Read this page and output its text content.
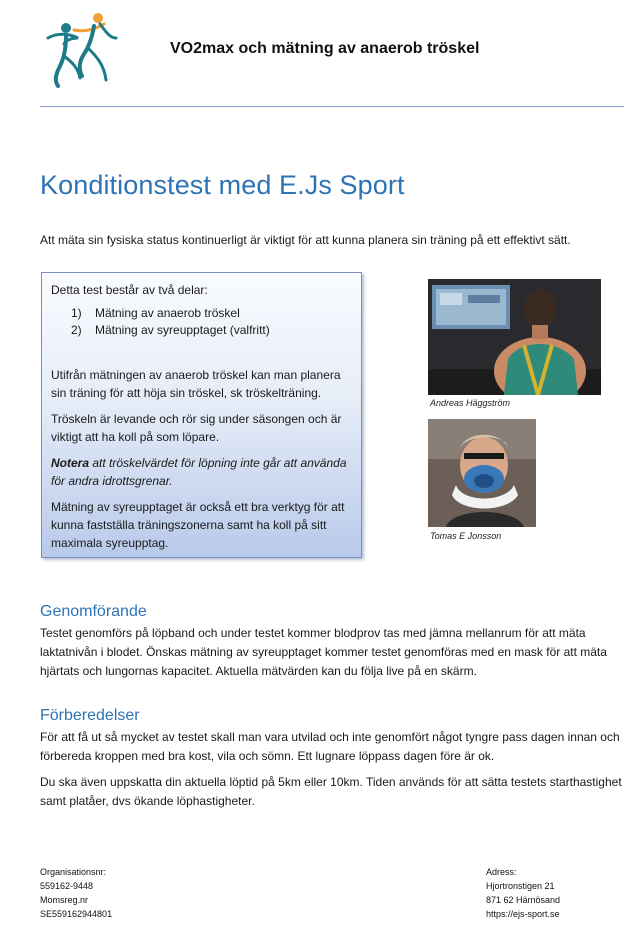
VO2max och mätning av anaerob tröskel
Konditionstest med E.Js Sport
Att mäta sin fysiska status kontinuerligt är viktigt för att kunna planera sin träning på ett effektivt sätt.

Detta test består av två delar:

1)	Mätning av anaerob tröskel
2)	Mätning av syreupptaget (valfritt)

Utifrån mätningen av anaerob tröskel kan man planera sin träning för att höja sin tröskel, sk tröskelträning.

Tröskeln är levande och rör sig under säsongen och är viktigt att ha koll på som löpare.

Notera att tröskelvärdet för löpning inte går att använda för andra idrottsgrenar.

Mätning av syreupptaget är också ett bra verktyg för att kunna fastställa träningszonerna samt ha koll på sitt maximala syreupptag.

Andreas Häggström
Tomas E Jonsson
Genomförande
Testet genomförs på löpband och under testet kommer blodprov tas med jämna mellanrum för att mäta laktatnivån i blodet. Önskas mätning av syreupptaget kommer testet genomföras med en mask för att mäta hjärtats och lungornas kapacitet. Aktuella mätvärden kan du följa live på en skärm.
Förberedelser
För att få ut så mycket av testet skall man vara utvilad och inte genomfört något tyngre pass dagen innan och förbereda kroppen med bra kost, vila och sömn. Ett lugnare löppass dagen före är ok.
Du ska även uppskatta din aktuella löptid på 5km eller 10km. Tiden används för att sätta testets starthastighet samt platåer, dvs ökande löphastigheter.
Organisationsnr:
559162-9448
Momsreg.nr
SE559162944801
Adress:
Hjortronstigen 21
871 62 Härnösand
https://ejs-sport.se
